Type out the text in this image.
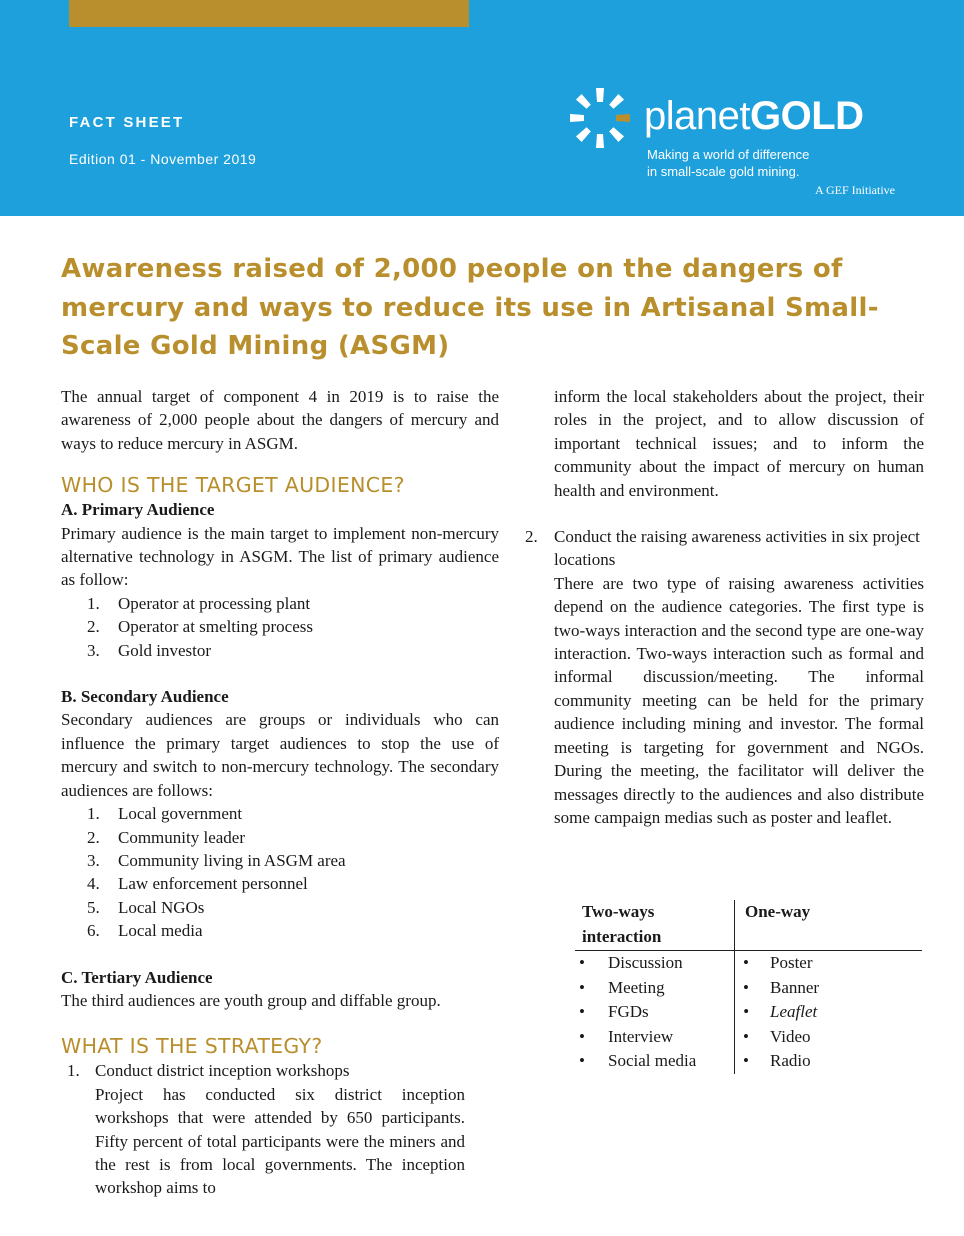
FACT SHEET
Edition 01 - November 2019
planetGOLD
Making a world of difference
in small-scale gold mining.
A GEF Initiative
Awareness raised of 2,000 people on the dangers of mercury and ways to reduce its use in Artisanal Small-Scale Gold Mining (ASGM)

The annual target of component 4 in 2019 is to raise the awareness of 2,000 people about the dangers of mercury and ways to reduce mercury in ASGM.

WHO IS THE TARGET AUDIENCE?
A. Primary Audience

Primary audience is the main target to implement non-mercury alternative technology in ASGM. The list of primary audience as follow:

1. Operator at processing plant
2. Operator at smelting process
3. Gold investor
B. Secondary Audience

Secondary audiences are groups or individuals who can influence the primary target audiences to stop the use of mercury and switch to non-mercury technology. The secondary audiences are follows:

1. Local government
2. Community leader
3. Community living in ASGM area
4. Law enforcement personnel
5. Local NGOs
6. Local media
C. Tertiary Audience

The third audiences are youth group and diffable group.

WHAT IS THE STRATEGY?
1. Conduct district inception workshops

Project has conducted six district inception workshops that were attended by 650 participants. Fifty percent of total participants were the miners and the rest is from local governments. The inception workshop aims to

inform the local stakeholders about the project, their roles in the project, and to allow discussion of important technical issues; and to inform the community about the impact of mercury on human health and environment.

2. Conduct the raising awareness activities in six project locations

There are two type of raising awareness activities depend on the audience categories. The first type is two-ways interaction and the second type are one-way interaction. Two-ways interaction such as formal and informal discussion/meeting. The informal community meeting can be held for the primary audience including mining and investor. The formal meeting is targeting for government and NGOs. During the meeting, the facilitator will deliver the messages directly to the audiences and also distribute some campaign medias such as poster and leaflet.

Two-ways interaction
One-way
• Discussion
• Meeting
• FGDs
• Interview
• Social media
• Poster
• Banner
• Leaflet
• Video
• Radio
